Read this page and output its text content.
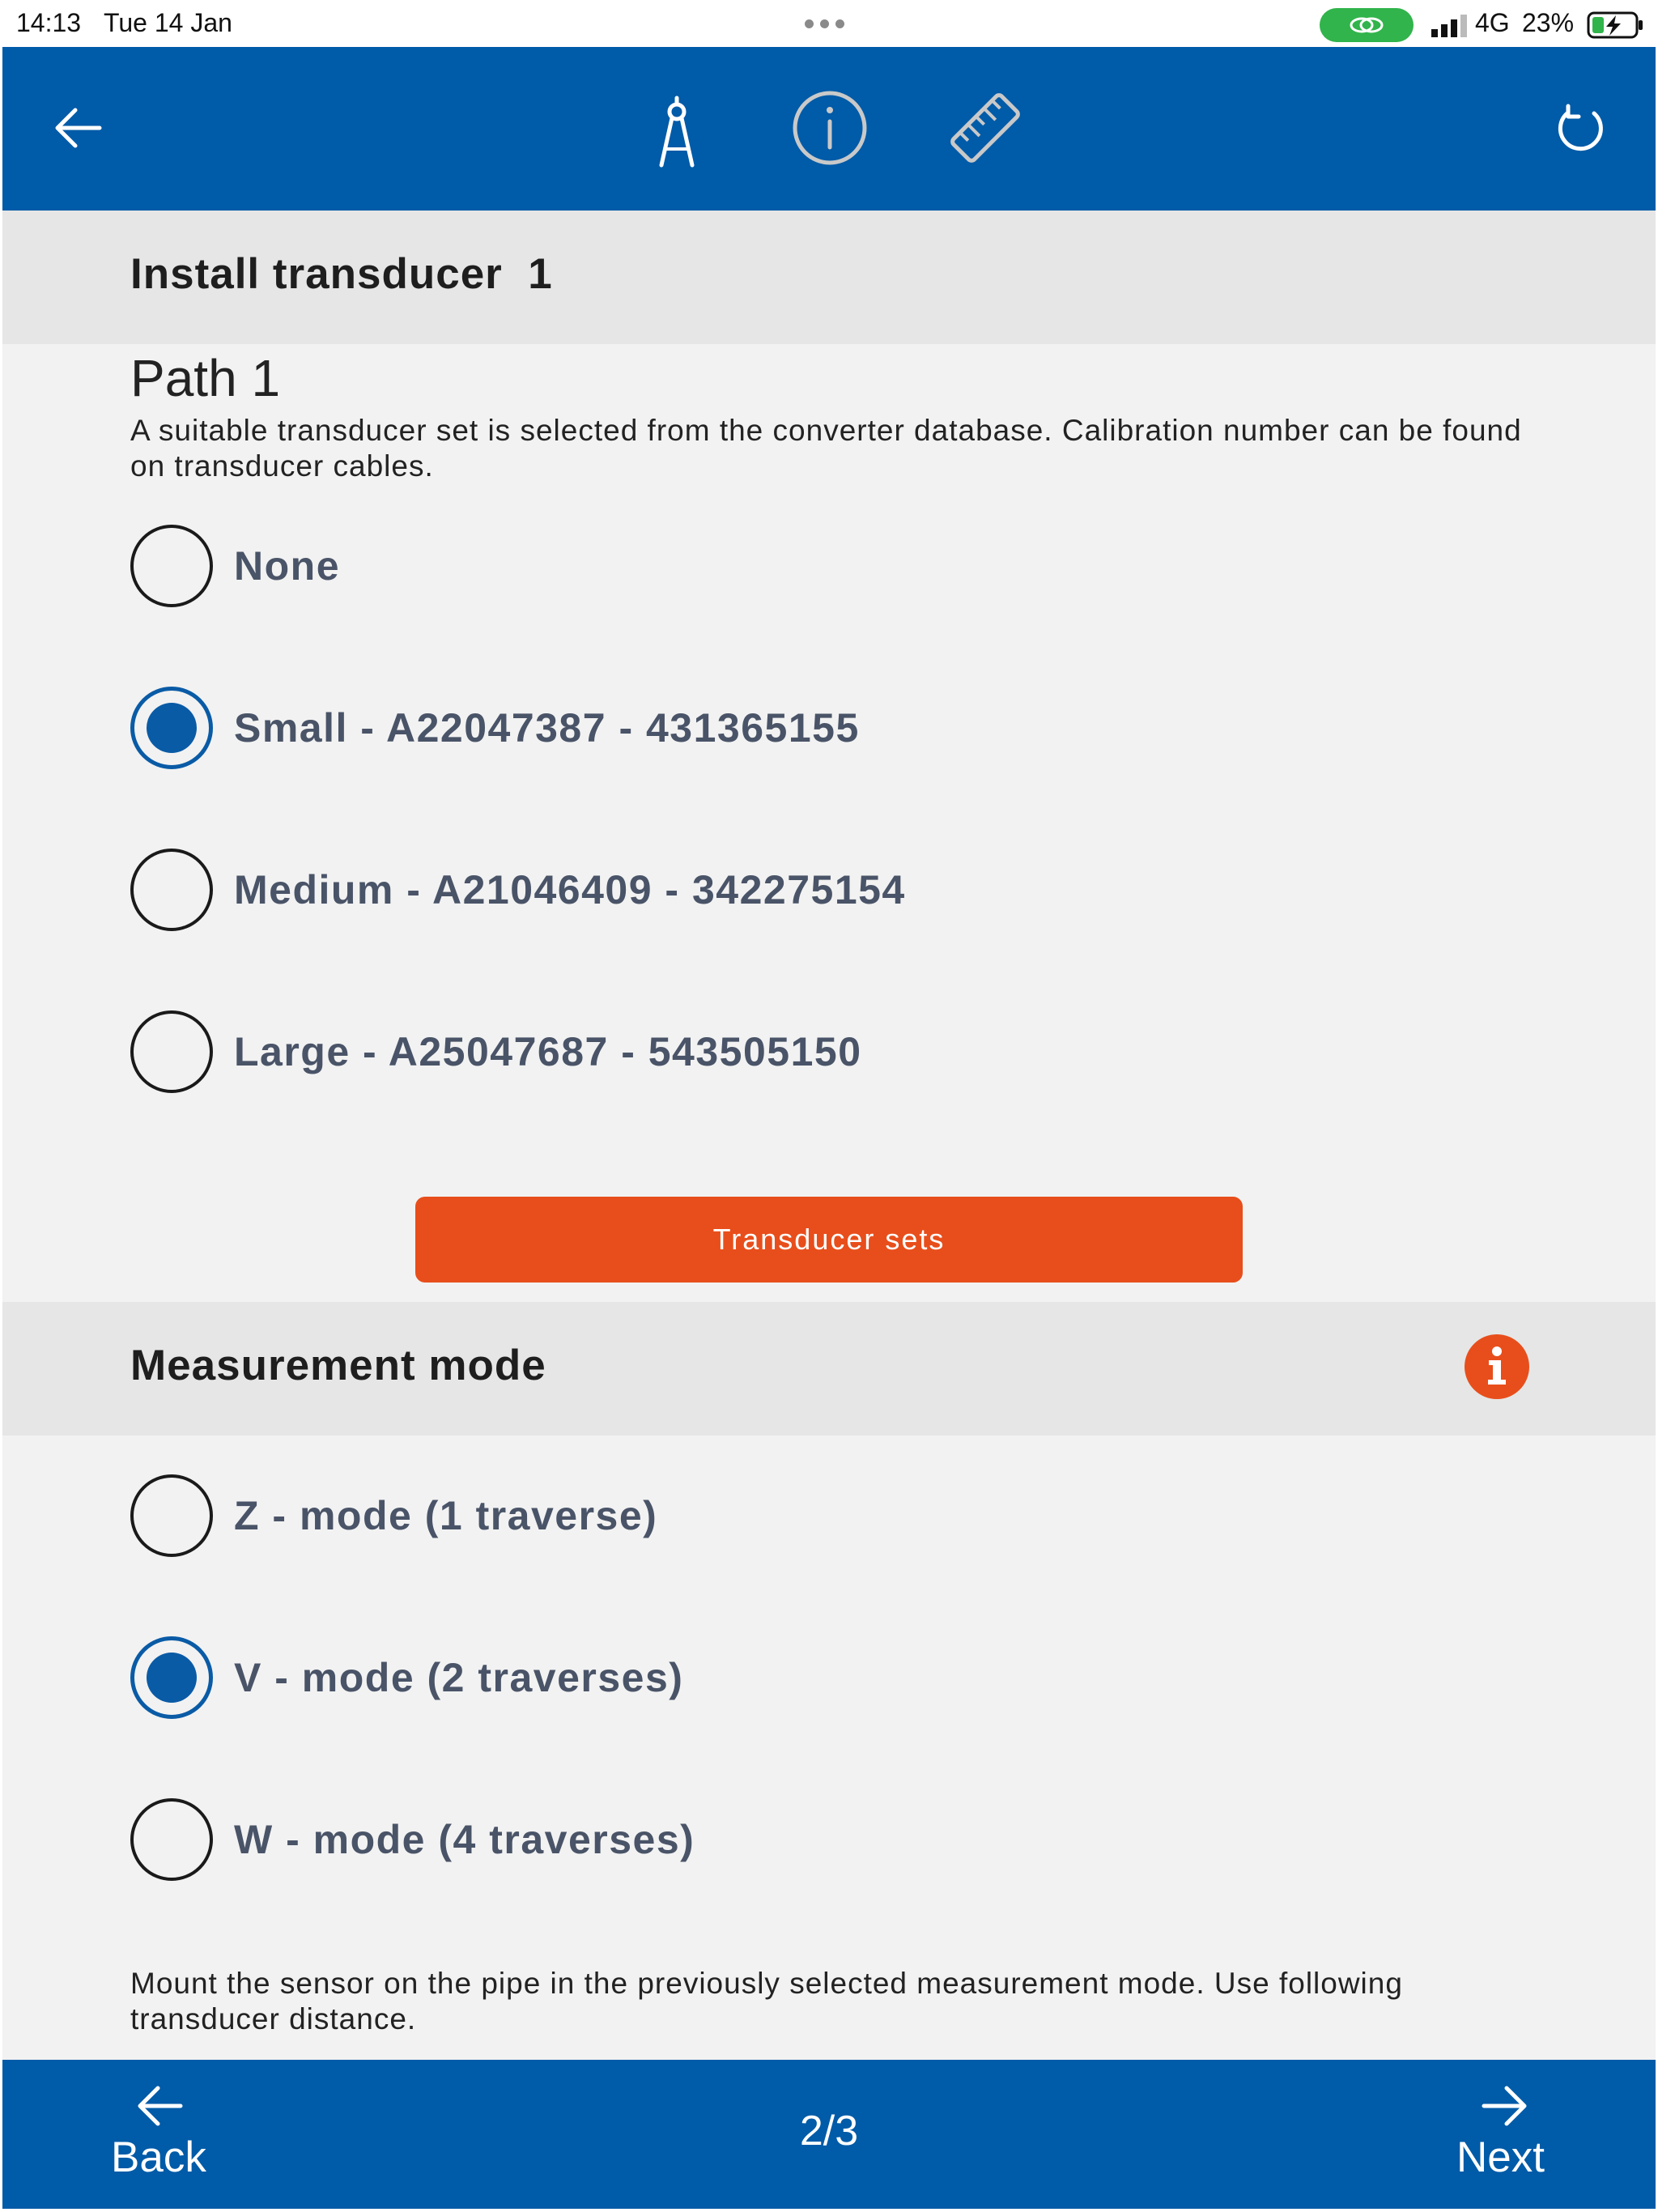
14:13 Tue 14 Jan	4G 23%
Install transducer  1
Path 1
A suitable transducer set is selected from the converter database. Calibration number can be found on transducer cables.
None
Small - A22047387 - 431365155
Medium - A21046409 - 342275154
Large - A25047687 - 543505150
Transducer sets
Measurement mode
Z - mode (1 traverse)
V - mode (2 traverses)
W - mode (4 traverses)
Mount the sensor on the pipe in the previously selected measurement mode. Use following transducer distance.
Back
2/3
Next
